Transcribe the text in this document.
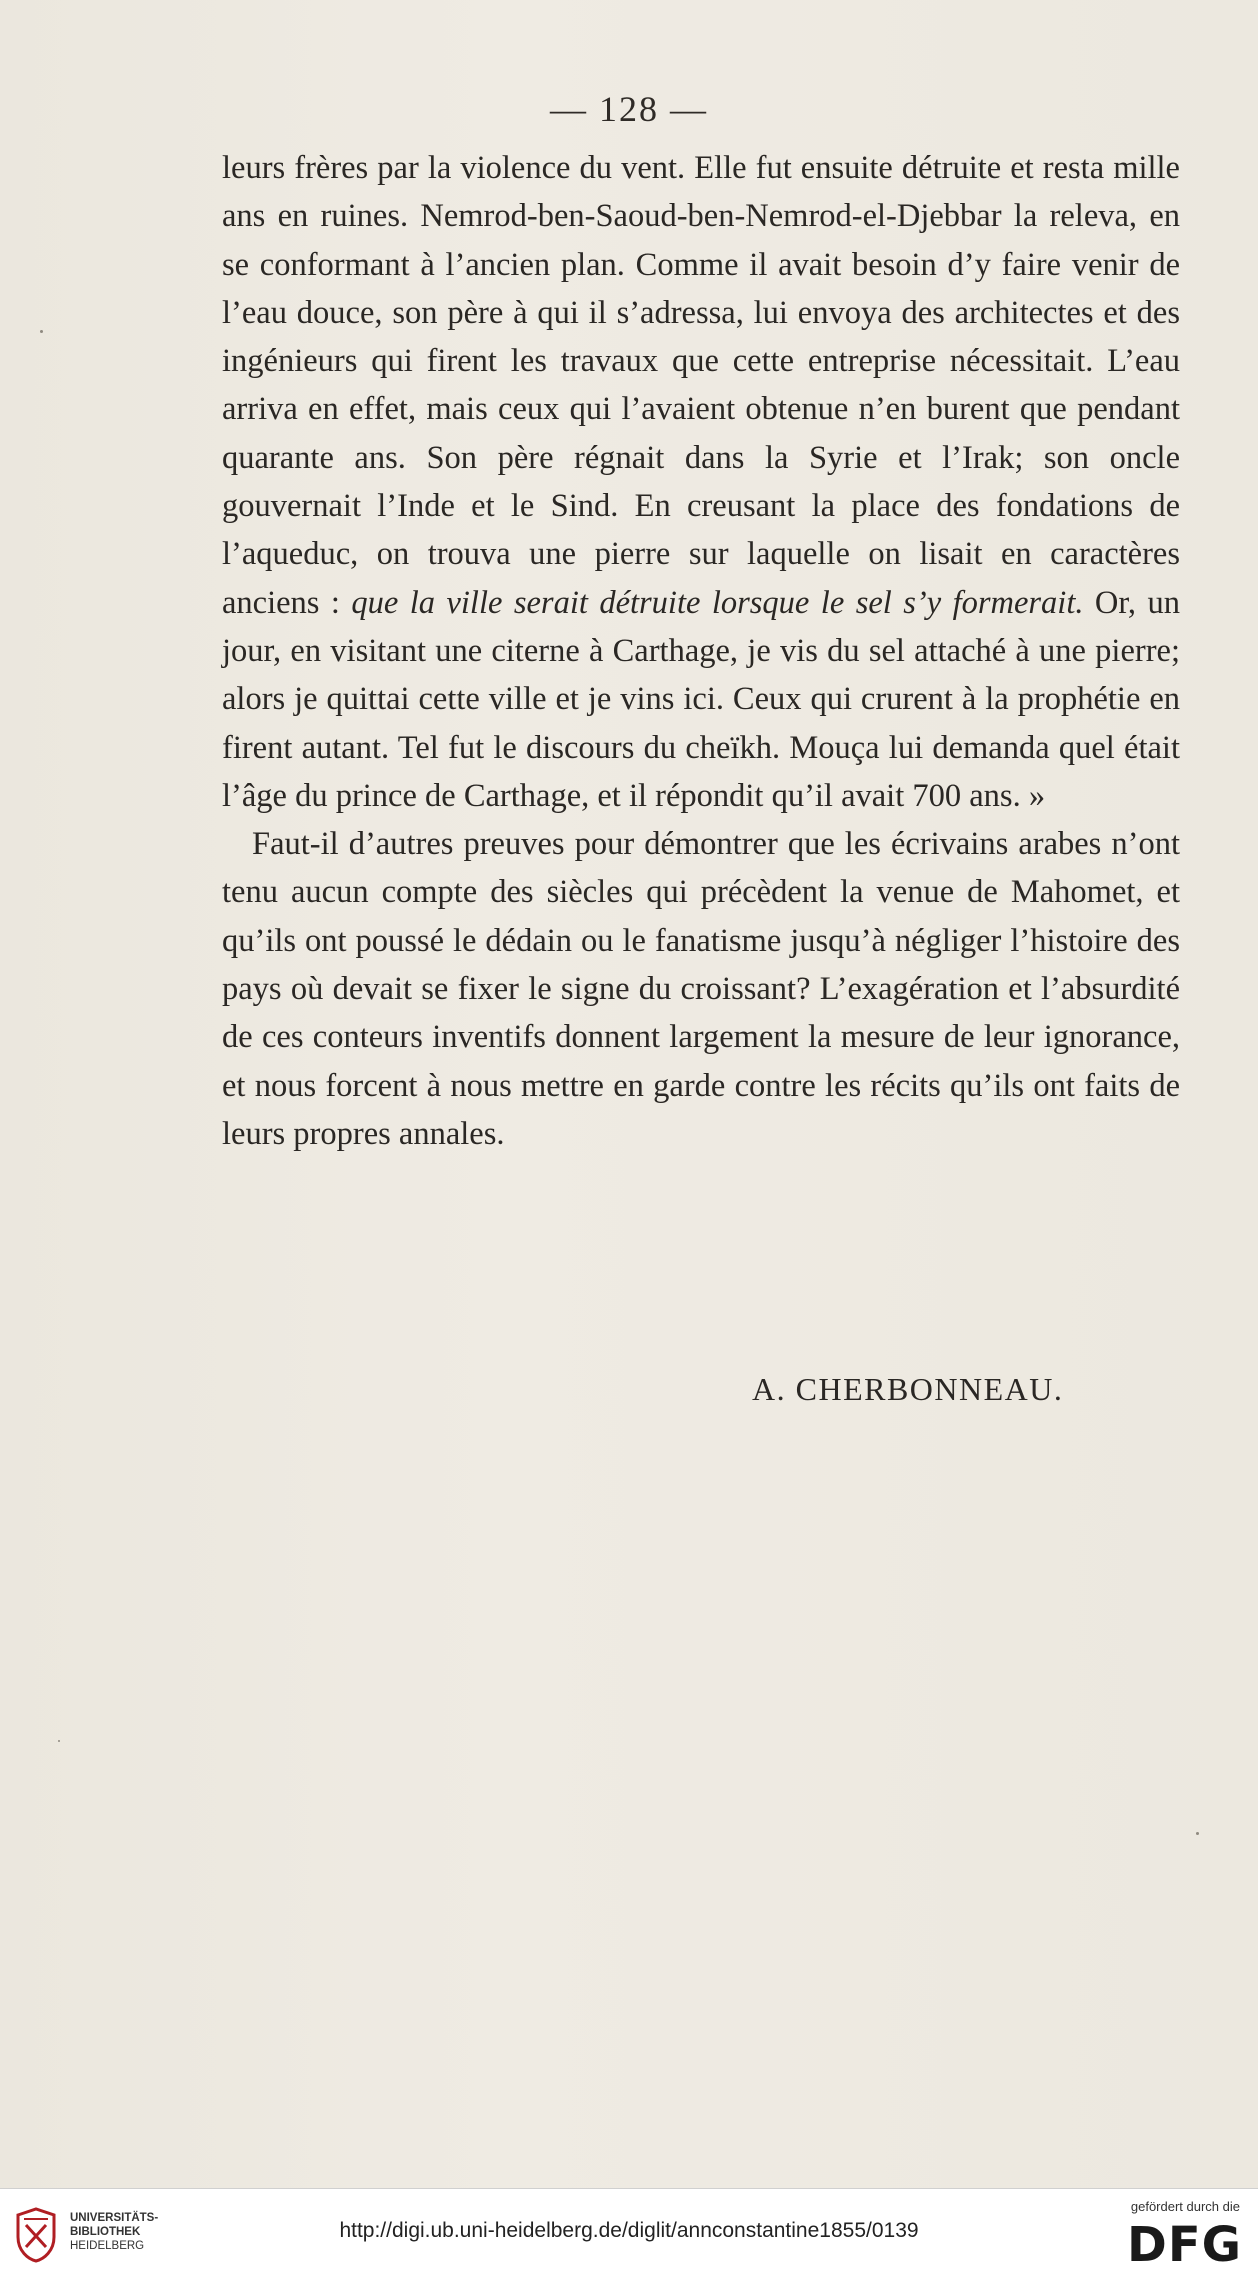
— 128 —

leurs frères par la violence du vent. Elle fut ensuite détruite et resta mille ans en ruines. Nemrod-ben-Saoud-ben-Nemrod-el-Djebbar la releva, en se conformant à l’ancien plan. Comme il avait besoin d’y faire venir de l’eau douce, son père à qui il s’adressa, lui envoya des architectes et des ingénieurs qui firent les travaux que cette entreprise nécessitait. L’eau arriva en effet, mais ceux qui l’avaient obtenue n’en burent que pendant quarante ans. Son père régnait dans la Syrie et l’Irak; son oncle gouvernait l’Inde et le Sind. En creusant la place des fondations de l’aqueduc, on trouva une pierre sur laquelle on lisait en caractères anciens : que la ville serait détruite lorsque le sel s’y formerait. Or, un jour, en visitant une citerne à Carthage, je vis du sel attaché à une pierre; alors je quittai cette ville et je vins ici. Ceux qui crurent à la prophétie en firent autant. Tel fut le discours du cheïkh. Mouça lui demanda quel était l’âge du prince de Carthage, et il répondit qu’il avait 700 ans. »

Faut-il d’autres preuves pour démontrer que les écrivains arabes n’ont tenu aucun compte des siècles qui précèdent la venue de Mahomet, et qu’ils ont poussé le dédain ou le fanatisme jusqu’à négliger l’histoire des pays où devait se fixer le signe du croissant? L’exagération et l’absurdité de ces conteurs inventifs donnent largement la mesure de leur ignorance, et nous forcent à nous mettre en garde contre les récits qu’ils ont faits de leurs propres annales.

A. CHERBONNEAU.
UNIVERSITÄTS-
BIBLIOTHEK
HEIDELBERG
http://digi.ub.uni-heidelberg.de/diglit/annconstantine1855/0139
gefördert durch die
DFG
